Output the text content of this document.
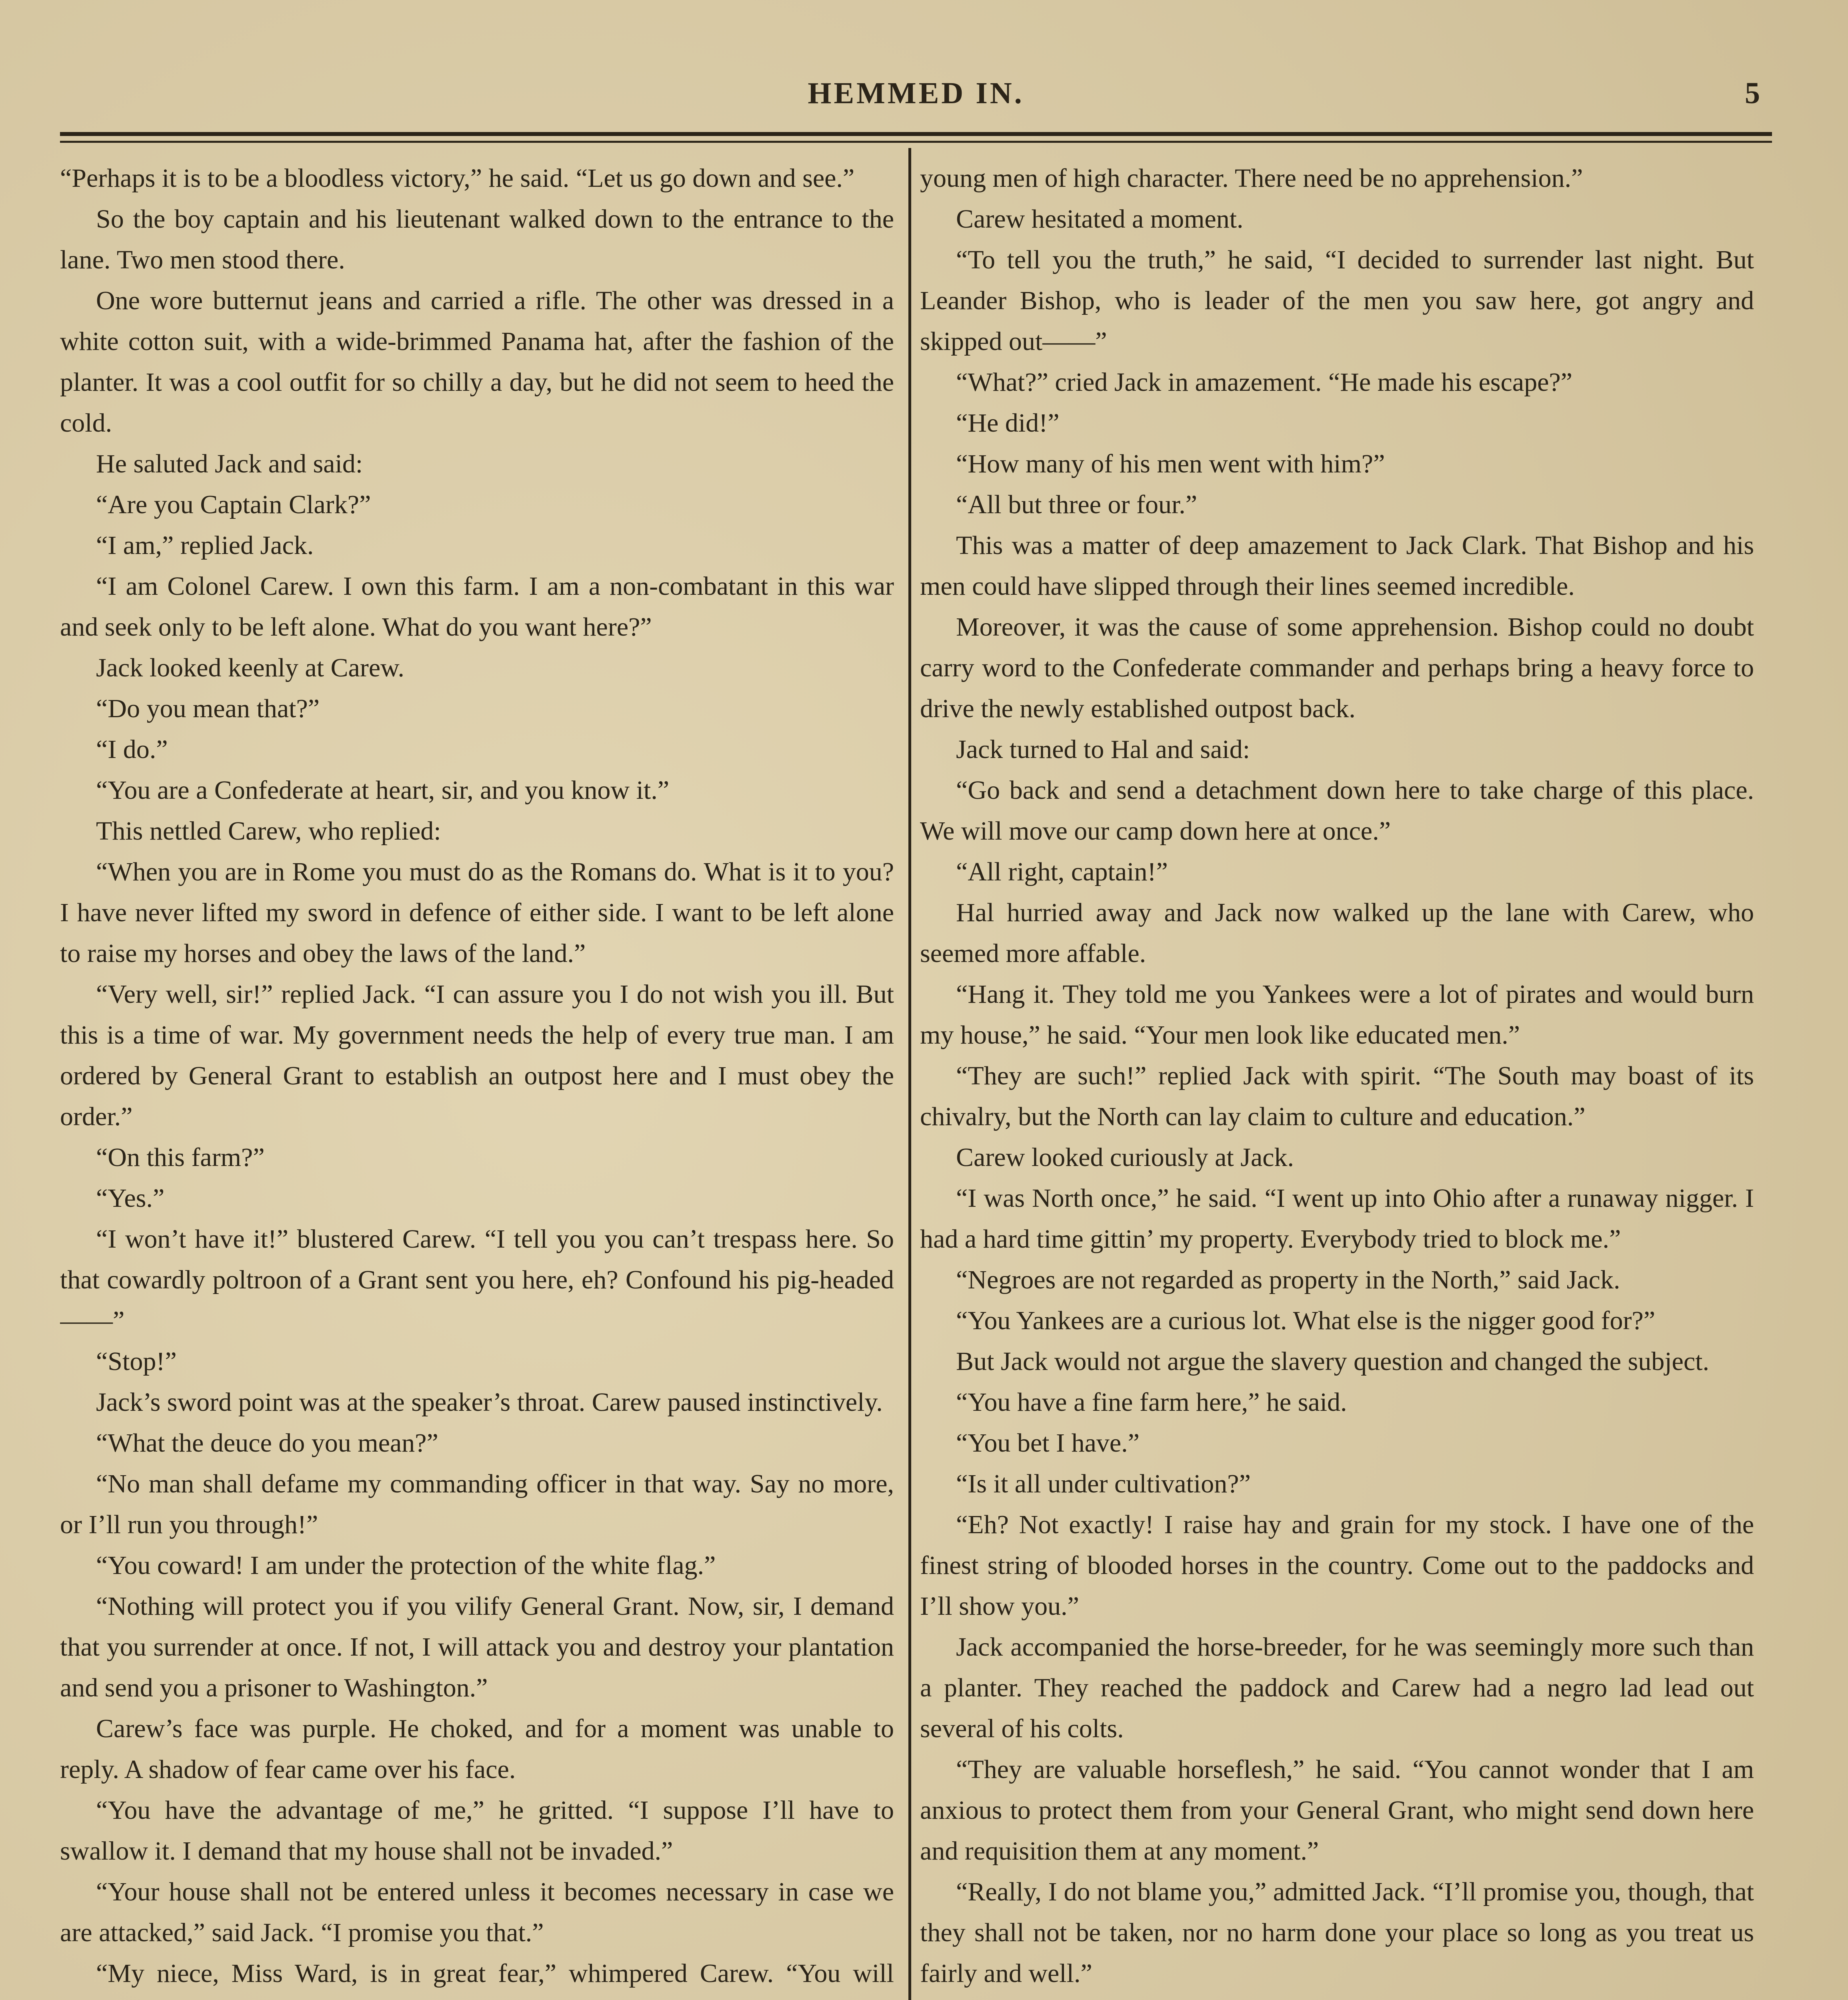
HEMMED IN.	5

“Perhaps it is to be a bloodless victory,” he said. “Let us go down and see.”

So the boy captain and his lieutenant walked down to the entrance to the lane. Two men stood there.

One wore butternut jeans and carried a rifle. The other was dressed in a white cotton suit, with a wide-brimmed Panama hat, after the fashion of the planter. It was a cool outfit for so chilly a day, but he did not seem to heed the cold.

He saluted Jack and said:

“Are you Captain Clark?”

“I am,” replied Jack.

“I am Colonel Carew. I own this farm. I am a non-combatant in this war and seek only to be left alone. What do you want here?”

Jack looked keenly at Carew.

“Do you mean that?”

“I do.”

“You are a Confederate at heart, sir, and you know it.”

This nettled Carew, who replied:

“When you are in Rome you must do as the Romans do. What is it to you? I have never lifted my sword in defence of either side. I want to be left alone to raise my horses and obey the laws of the land.”

“Very well, sir!” replied Jack. “I can assure you I do not wish you ill. But this is a time of war. My government needs the help of every true man. I am ordered by General Grant to establish an outpost here and I must obey the order.”

“On this farm?”

“Yes.”

“I won’t have it!” blustered Carew. “I tell you you can’t trespass here. So that cowardly poltroon of a Grant sent you here, eh? Confound his pig-headed——”

“Stop!”

Jack’s sword point was at the speaker’s throat. Carew paused instinctively.

“What the deuce do you mean?”

“No man shall defame my commanding officer in that way. Say no more, or I’ll run you through!”

“You coward! I am under the protection of the white flag.”

“Nothing will protect you if you vilify General Grant. Now, sir, I demand that you surrender at once. If not, I will attack you and destroy your plantation and send you a prisoner to Washington.”

Carew’s face was purple. He choked, and for a moment was unable to reply. A shadow of fear came over his face.

“You have the advantage of me,” he gritted. “I suppose I’ll have to swallow it. I demand that my house shall not be invaded.”

“Your house shall not be entered unless it becomes necessary in case we are attacked,” said Jack. “I promise you that.”

“My niece, Miss Ward, is in great fear,” whimpered Carew. “You will

young men of high character. There need be no apprehension.”

Carew hesitated a moment.

“To tell you the truth,” he said, “I decided to surrender last night. But Leander Bishop, who is leader of the men you saw here, got angry and skipped out——”

“What?” cried Jack in amazement. “He made his escape?”

“He did!”

“How many of his men went with him?”

“All but three or four.”

This was a matter of deep amazement to Jack Clark. That Bishop and his men could have slipped through their lines seemed incredible.

Moreover, it was the cause of some apprehension. Bishop could no doubt carry word to the Confederate commander and perhaps bring a heavy force to drive the newly established outpost back.

Jack turned to Hal and said:

“Go back and send a detachment down here to take charge of this place. We will move our camp down here at once.”

“All right, captain!”

Hal hurried away and Jack now walked up the lane with Carew, who seemed more affable.

“Hang it. They told me you Yankees were a lot of pirates and would burn my house,” he said. “Your men look like educated men.”

“They are such!” replied Jack with spirit. “The South may boast of its chivalry, but the North can lay claim to culture and education.”

Carew looked curiously at Jack.

“I was North once,” he said. “I went up into Ohio after a runaway nigger. I had a hard time gittin’ my property. Everybody tried to block me.”

“Negroes are not regarded as property in the North,” said Jack.

“You Yankees are a curious lot. What else is the nigger good for?”

But Jack would not argue the slavery question and changed the subject.

“You have a fine farm here,” he said.

“You bet I have.”

“Is it all under cultivation?”

“Eh? Not exactly! I raise hay and grain for my stock. I have one of the finest string of blooded horses in the country. Come out to the paddocks and I’ll show you.”

Jack accompanied the horse-breeder, for he was seemingly more such than a planter. They reached the paddock and Carew had a negro lad lead out several of his colts.

“They are valuable horseflesh,” he said. “You cannot wonder that I am anxious to protect them from your General Grant, who might send down here and requisition them at any moment.”

“Really, I do not blame you,” admitted Jack. “I’ll promise you, though, that they shall not be taken, nor no harm done your place so long as you treat us fairly and well.”
